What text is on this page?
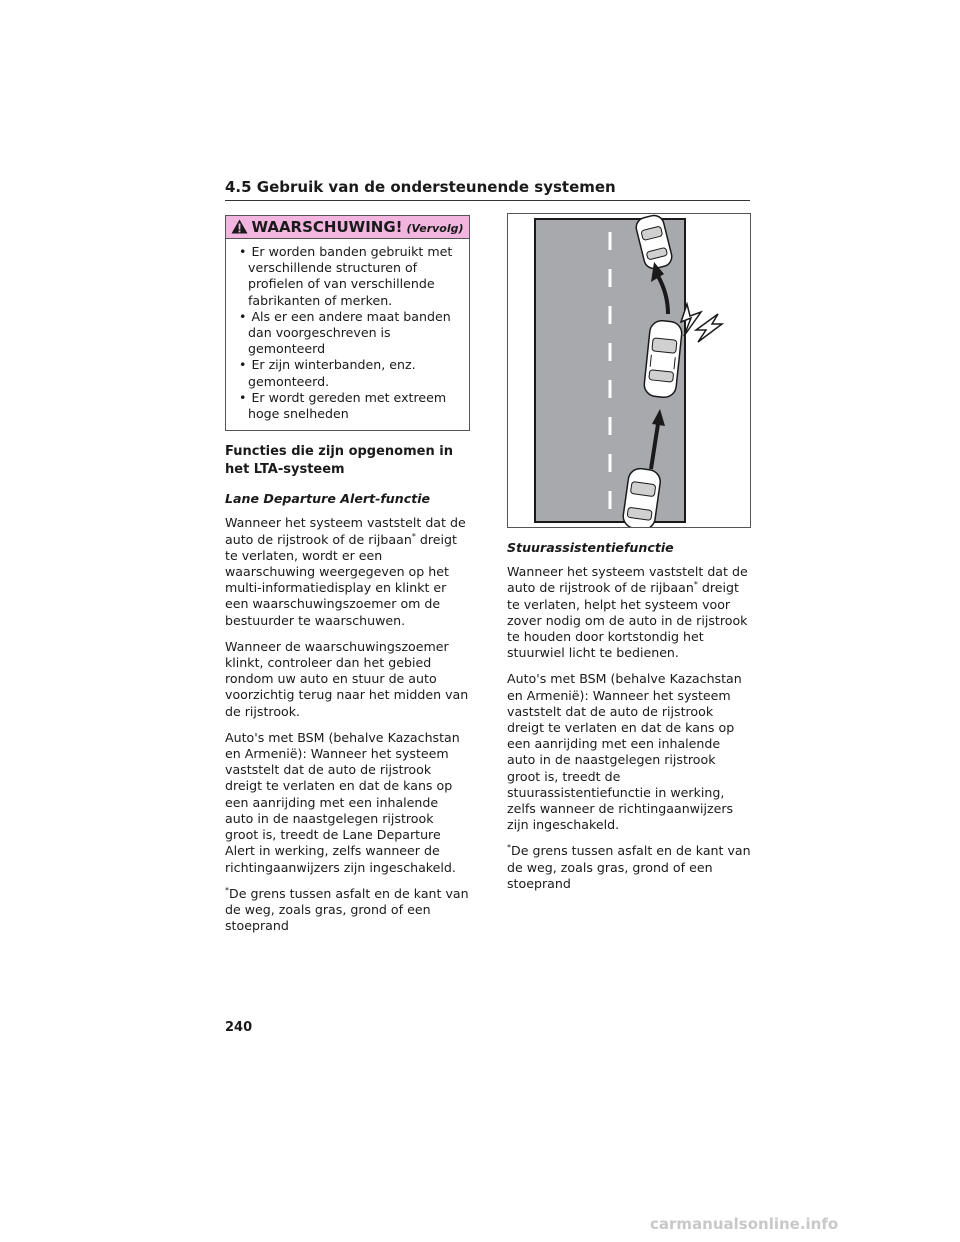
4.5 Gebruik van de ondersteunende systemen
WAARSCHUWING! (Vervolg)
• Er worden banden gebruikt met verschillende structuren of profielen of van verschillende fabrikanten of merken.
• Als er een andere maat banden dan voorgeschreven is gemonteerd
• Er zijn winterbanden, enz. gemonteerd.
• Er wordt gereden met extreem hoge snelheden
Functies die zijn opgenomen in het LTA-systeem

Lane Departure Alert-functie

Wanneer het systeem vaststelt dat de auto de rijstrook of de rijbaan* dreigt te verlaten, wordt er een waarschuwing weergegeven op het multi-informatiedisplay en klinkt er een waarschuwingszoemer om de bestuurder te waarschuwen.

Wanneer de waarschuwingszoemer klinkt, controleer dan het gebied rondom uw auto en stuur de auto voorzichtig terug naar het midden van de rijstrook.

Auto's met BSM (behalve Kazachstan en Armenië): Wanneer het systeem vaststelt dat de auto de rijstrook dreigt te verlaten en dat de kans op een aanrijding met een inhalende auto in de naastgelegen rijstrook groot is, treedt de Lane Departure Alert in werking, zelfs wanneer de richtingaanwijzers zijn ingeschakeld.

*De grens tussen asfalt en de kant van de weg, zoals gras, grond of een stoeprand

Stuurassistentiefunctie

Wanneer het systeem vaststelt dat de auto de rijstrook of de rijbaan* dreigt te verlaten, helpt het systeem voor zover nodig om de auto in de rijstrook te houden door kortstondig het stuurwiel licht te bedienen.

Auto's met BSM (behalve Kazachstan en Armenië): Wanneer het systeem vaststelt dat de auto de rijstrook dreigt te verlaten en dat de kans op een aanrijding met een inhalende auto in de naastgelegen rijstrook groot is, treedt de stuurassistentiefunctie in werking, zelfs wanneer de richtingaanwijzers zijn ingeschakeld.

*De grens tussen asfalt en de kant van de weg, zoals gras, grond of een stoeprand

240
carmanualsonline.info
